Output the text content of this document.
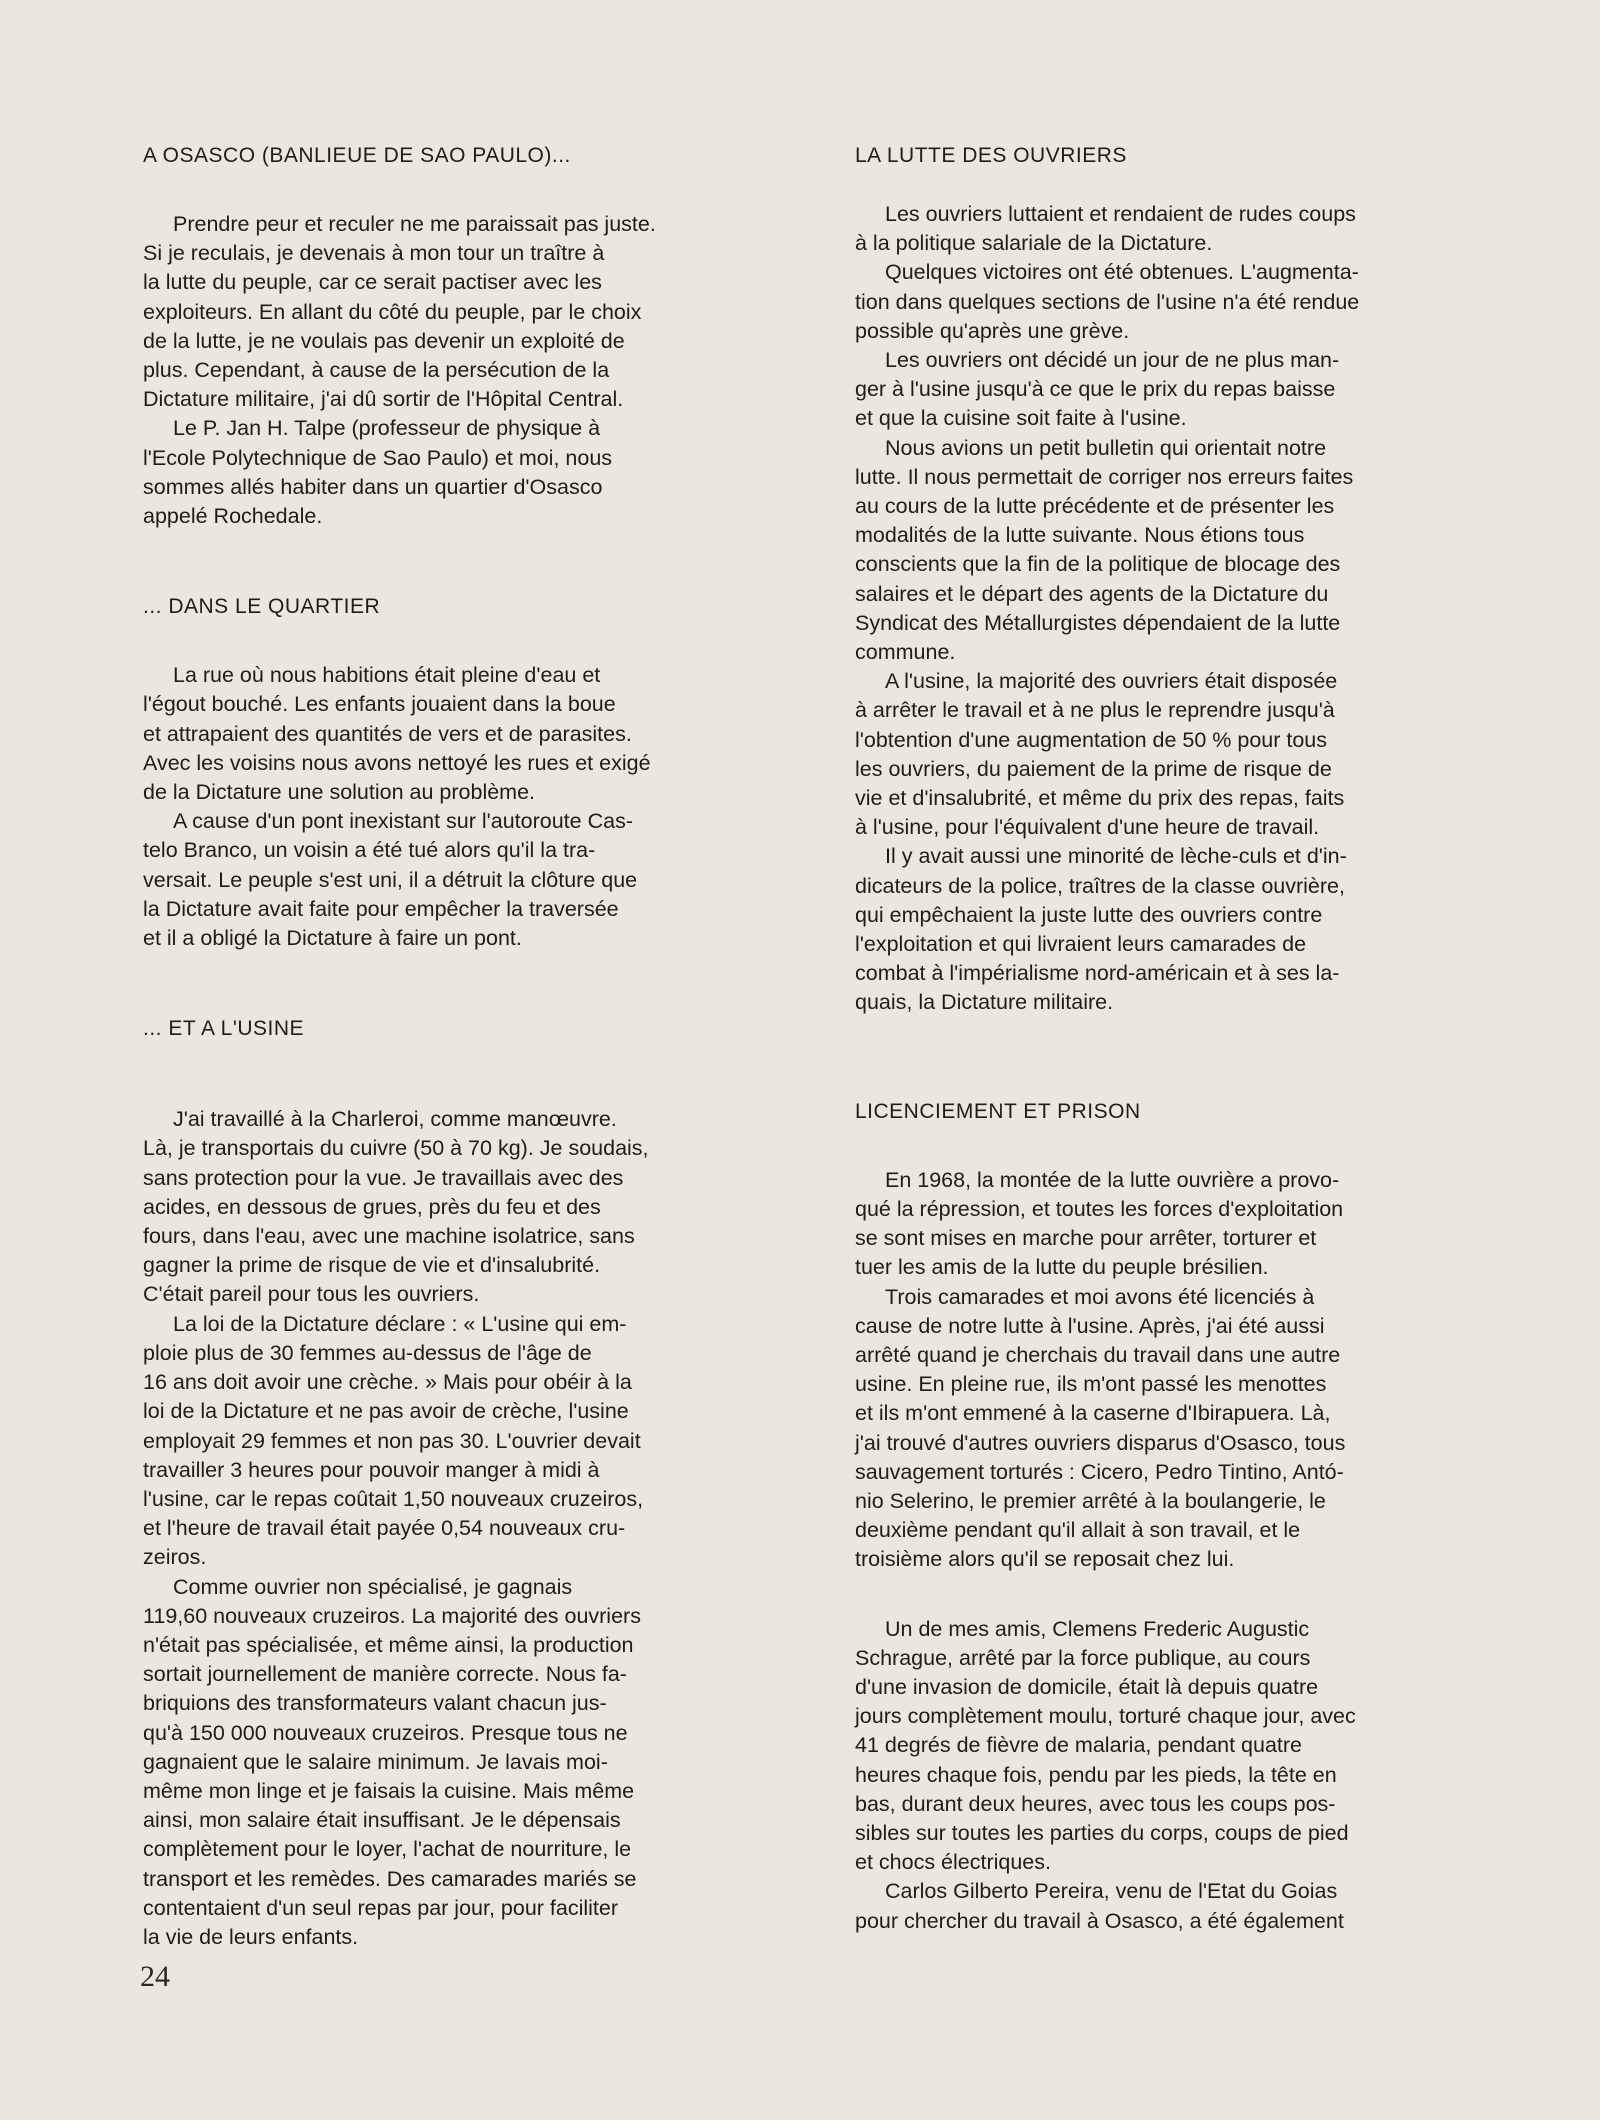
A OSASCO (BANLIEUE DE SAO PAULO)...

Prendre peur et reculer ne me paraissait pas juste.
Si je reculais, je devenais à mon tour un traître à
la lutte du peuple, car ce serait pactiser avec les
exploiteurs. En allant du côté du peuple, par le choix
de la lutte, je ne voulais pas devenir un exploité de
plus. Cependant, à cause de la persécution de la
Dictature militaire, j'ai dû sortir de l'Hôpital Central.

Le P. Jan H. Talpe (professeur de physique à
l'Ecole Polytechnique de Sao Paulo) et moi, nous
sommes allés habiter dans un quartier d'Osasco
appelé Rochedale.

... DANS LE QUARTIER

La rue où nous habitions était pleine d'eau et
l'égout bouché. Les enfants jouaient dans la boue
et attrapaient des quantités de vers et de parasites.
Avec les voisins nous avons nettoyé les rues et exigé
de la Dictature une solution au problème.

A cause d'un pont inexistant sur l'autoroute Cas-
telo Branco, un voisin a été tué alors qu'il la tra-
versait. Le peuple s'est uni, il a détruit la clôture que
la Dictature avait faite pour empêcher la traversée
et il a obligé la Dictature à faire un pont.

... ET A L'USINE

J'ai travaillé à la Charleroi, comme manœuvre.
Là, je transportais du cuivre (50 à 70 kg). Je soudais,
sans protection pour la vue. Je travaillais avec des
acides, en dessous de grues, près du feu et des
fours, dans l'eau, avec une machine isolatrice, sans
gagner la prime de risque de vie et d'insalubrité.
C'était pareil pour tous les ouvriers.

La loi de la Dictature déclare : « L'usine qui em-
ploie plus de 30 femmes au-dessus de l'âge de
16 ans doit avoir une crèche. » Mais pour obéir à la
loi de la Dictature et ne pas avoir de crèche, l'usine
employait 29 femmes et non pas 30. L'ouvrier devait
travailler 3 heures pour pouvoir manger à midi à
l'usine, car le repas coûtait 1,50 nouveaux cruzeiros,
et l'heure de travail était payée 0,54 nouveaux cru-
zeiros.

Comme ouvrier non spécialisé, je gagnais
119,60 nouveaux cruzeiros. La majorité des ouvriers
n'était pas spécialisée, et même ainsi, la production
sortait journellement de manière correcte. Nous fa-
briquions des transformateurs valant chacun jus-
qu'à 150 000 nouveaux cruzeiros. Presque tous ne
gagnaient que le salaire minimum. Je lavais moi-
même mon linge et je faisais la cuisine. Mais même
ainsi, mon salaire était insuffisant. Je le dépensais
complètement pour le loyer, l'achat de nourriture, le
transport et les remèdes. Des camarades mariés se
contentaient d'un seul repas par jour, pour faciliter
la vie de leurs enfants.

LA LUTTE DES OUVRIERS

Les ouvriers luttaient et rendaient de rudes coups
à la politique salariale de la Dictature.

Quelques victoires ont été obtenues. L'augmenta-
tion dans quelques sections de l'usine n'a été rendue
possible qu'après une grève.

Les ouvriers ont décidé un jour de ne plus man-
ger à l'usine jusqu'à ce que le prix du repas baisse
et que la cuisine soit faite à l'usine.

Nous avions un petit bulletin qui orientait notre
lutte. Il nous permettait de corriger nos erreurs faites
au cours de la lutte précédente et de présenter les
modalités de la lutte suivante. Nous étions tous
conscients que la fin de la politique de blocage des
salaires et le départ des agents de la Dictature du
Syndicat des Métallurgistes dépendaient de la lutte
commune.

A l'usine, la majorité des ouvriers était disposée
à arrêter le travail et à ne plus le reprendre jusqu'à
l'obtention d'une augmentation de 50 % pour tous
les ouvriers, du paiement de la prime de risque de
vie et d'insalubrité, et même du prix des repas, faits
à l'usine, pour l'équivalent d'une heure de travail.

Il y avait aussi une minorité de lèche-culs et d'in-
dicateurs de la police, traîtres de la classe ouvrière,
qui empêchaient la juste lutte des ouvriers contre
l'exploitation et qui livraient leurs camarades de
combat à l'impérialisme nord-américain et à ses la-
quais, la Dictature militaire.

LICENCIEMENT ET PRISON

En 1968, la montée de la lutte ouvrière a provo-
qué la répression, et toutes les forces d'exploitation
se sont mises en marche pour arrêter, torturer et
tuer les amis de la lutte du peuple brésilien.

Trois camarades et moi avons été licenciés à
cause de notre lutte à l'usine. Après, j'ai été aussi
arrêté quand je cherchais du travail dans une autre
usine. En pleine rue, ils m'ont passé les menottes
et ils m'ont emmené à la caserne d'Ibirapuera. Là,
j'ai trouvé d'autres ouvriers disparus d'Osasco, tous
sauvagement torturés : Cicero, Pedro Tintino, Antó-
nio Selerino, le premier arrêté à la boulangerie, le
deuxième pendant qu'il allait à son travail, et le
troisième alors qu'il se reposait chez lui.

Un de mes amis, Clemens Frederic Augustic
Schrague, arrêté par la force publique, au cours
d'une invasion de domicile, était là depuis quatre
jours complètement moulu, torturé chaque jour, avec
41 degrés de fièvre de malaria, pendant quatre
heures chaque fois, pendu par les pieds, la tête en
bas, durant deux heures, avec tous les coups pos-
sibles sur toutes les parties du corps, coups de pied
et chocs électriques.

Carlos Gilberto Pereira, venu de l'Etat du Goias
pour chercher du travail à Osasco, a été également

24
